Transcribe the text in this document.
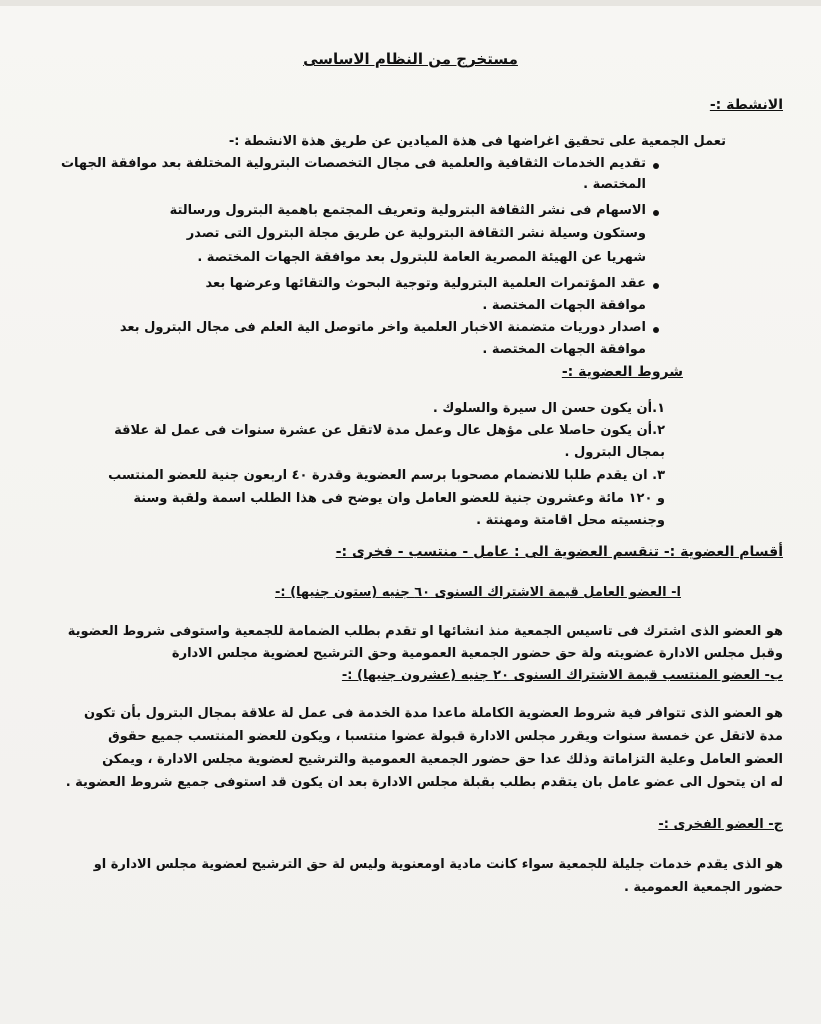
مستخرج من النظام الاساسى
الانشطة :-
تعمل الجمعية على تحقيق اغراضها فى هذة الميادين عن طريق هذة الانشطة :-
تقديم الخدمات الثقافية والعلمية فى مجال التخصصات البترولية المختلفة بعد موافقة الجهات
المختصة .
الاسهام فى نشر الثقافة البترولية وتعريف المجتمع باهمية البترول ورسالتة
وستكون وسيلة نشر الثقافة البترولية عن طريق مجلة البترول التى تصدر
شهريا عن الهيئة المصرية العامة للبترول بعد موافقة الجهات المختصة .
عقد المؤتمرات العلمية البترولية وتوجية البحوث والتقائها وعرضها بعد
موافقة الجهات المختصة .
اصدار دوريات متضمنة الاخبار العلمية واخر ماتوصل الية العلم فى مجال البترول بعد
موافقة الجهات المختصة .
شروط العضوية :-
١.أن يكون حسن ال سيرة والسلوك .
٢.أن يكون حاصلا على مؤهل عال وعمل مدة لاتقل عن عشرة سنوات فى عمل لة علاقة
بمجال البترول .
٣. ان يقدم طلبا للانضمام مصحوبا برسم العضوية وقدرة ٤٠ اربعون جنية للعضو المنتسب
و ١٢٠ مائة وعشرون جنية للعضو العامل وان يوضح فى هذا الطلب اسمة ولقبة وسنة
وجنسيته محل اقامتة ومهنتة .
أقسام العضوية :- تنقسم العضوية الى : عامل - منتسب - فخرى :-
ا- العضو العامل قيمة الاشتراك السنوى ٦٠ جنيه (ستون جنيها) :-
هو العضو الذى اشترك فى تاسيس الجمعية منذ انشائها او تقدم بطلب الضمامة للجمعية واستوفى شروط العضوية
وقبل مجلس الادارة عضويته ولة حق حضور الجمعية العمومية وحق الترشيح لعضوية مجلس الادارة
ب- العضو المنتسب قيمة الاشتراك السنوى ٢٠ جنيه (عشرون جنيها) :-
هو العضو الذى تتوافر فية شروط العضوية الكاملة ماعدا مدة الخدمة فى عمل لة علاقة بمجال البترول بأن تكون
مدة لاتقل عن خمسة سنوات ويقرر مجلس الادارة قبولة عضوا منتسبا ، ويكون للعضو المنتسب جميع حقوق
العضو العامل وعلية التزاماتة وذلك عدا حق حضور الجمعية العمومية والترشيح لعضوية مجلس الادارة ، ويمكن
له ان يتحول الى عضو عامل بان يتقدم بطلب بقبلة مجلس الادارة بعد ان يكون قد استوفى جميع شروط العضوية .
ج- العضو الفخرى :-
هو الذى يقدم خدمات جليلة للجمعية سواء كانت مادية اومعنوية وليس لة حق الترشيح لعضوية مجلس الادارة او
حضور الجمعية العمومية .
